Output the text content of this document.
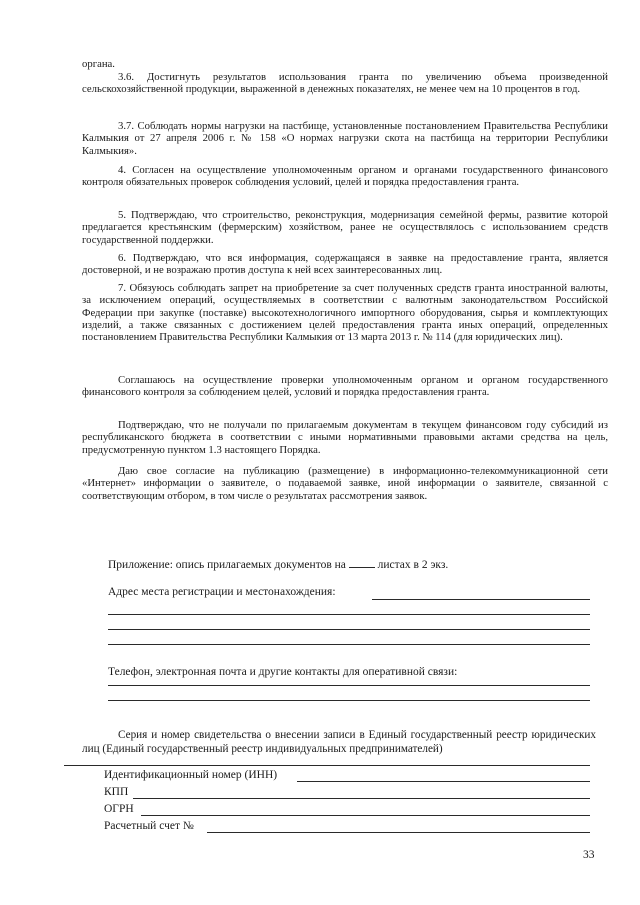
органа.

3.6. Достигнуть результатов использования гранта по увеличению объема произведенной сельскохозяйственной продукции, выраженной в денежных показателях, не менее чем на 10 процентов в год.

3.7. Соблюдать нормы нагрузки на пастбище, установленные постановлением Правительства Республики Калмыкия от 27 апреля 2006 г. № 158 «О нормах нагрузки скота на пастбища на территории Республики Калмыкия».

4. Согласен на осуществление уполномоченным органом и органами государственного финансового контроля обязательных проверок соблюдения условий, целей и порядка предоставления гранта.

5. Подтверждаю, что строительство, реконструкция, модернизация семейной фермы, развитие которой предлагается крестьянским (фермерским) хозяйством, ранее не осуществлялось с использованием средств государственной поддержки.

6. Подтверждаю, что вся информация, содержащаяся в заявке на предоставление гранта, является достоверной, и не возражаю против доступа к ней всех заинтересованных лиц.

7. Обязуюсь соблюдать запрет на приобретение за счет полученных средств гранта иностранной валюты, за исключением операций, осуществляемых в соответствии с валютным законодательством Российской Федерации при закупке (поставке) высокотехнологичного импортного оборудования, сырья и комплектующих изделий, а также связанных с достижением целей предоставления гранта иных операций, определенных постановлением Правительства Республики Калмыкия от 13 марта 2013 г. № 114 (для юридических лиц).

Соглашаюсь на осуществление проверки уполномоченным органом и органом государственного финансового контроля за соблюдением целей, условий и порядка предоставления гранта.

Подтверждаю, что не получали по прилагаемым документам в текущем финансовом году субсидий из республиканского бюджета в соответствии с иными нормативными правовыми актами средства на цель, предусмотренную пунктом 1.3 настоящего Порядка.

Даю свое согласие на публикацию (размещение) в информационно-телекоммуникационной сети «Интернет» информации о заявителе, о подаваемой заявке, иной информации о заявителе, связанной с соответствующим отбором, в том числе о результатах рассмотрения заявок.

Приложение: опись прилагаемых документов на	листах в 2 экз.
Адрес места регистрации и местонахождения:
Телефон, электронная почта и другие контакты для оперативной связи:

Серия и номер свидетельства о внесении записи в Единый государственный реестр юридических лиц (Единый государственный реестр индивидуальных предпринимателей)

Идентификационный номер (ИНН)
КПП
ОГРН
Расчетный счет №
33
